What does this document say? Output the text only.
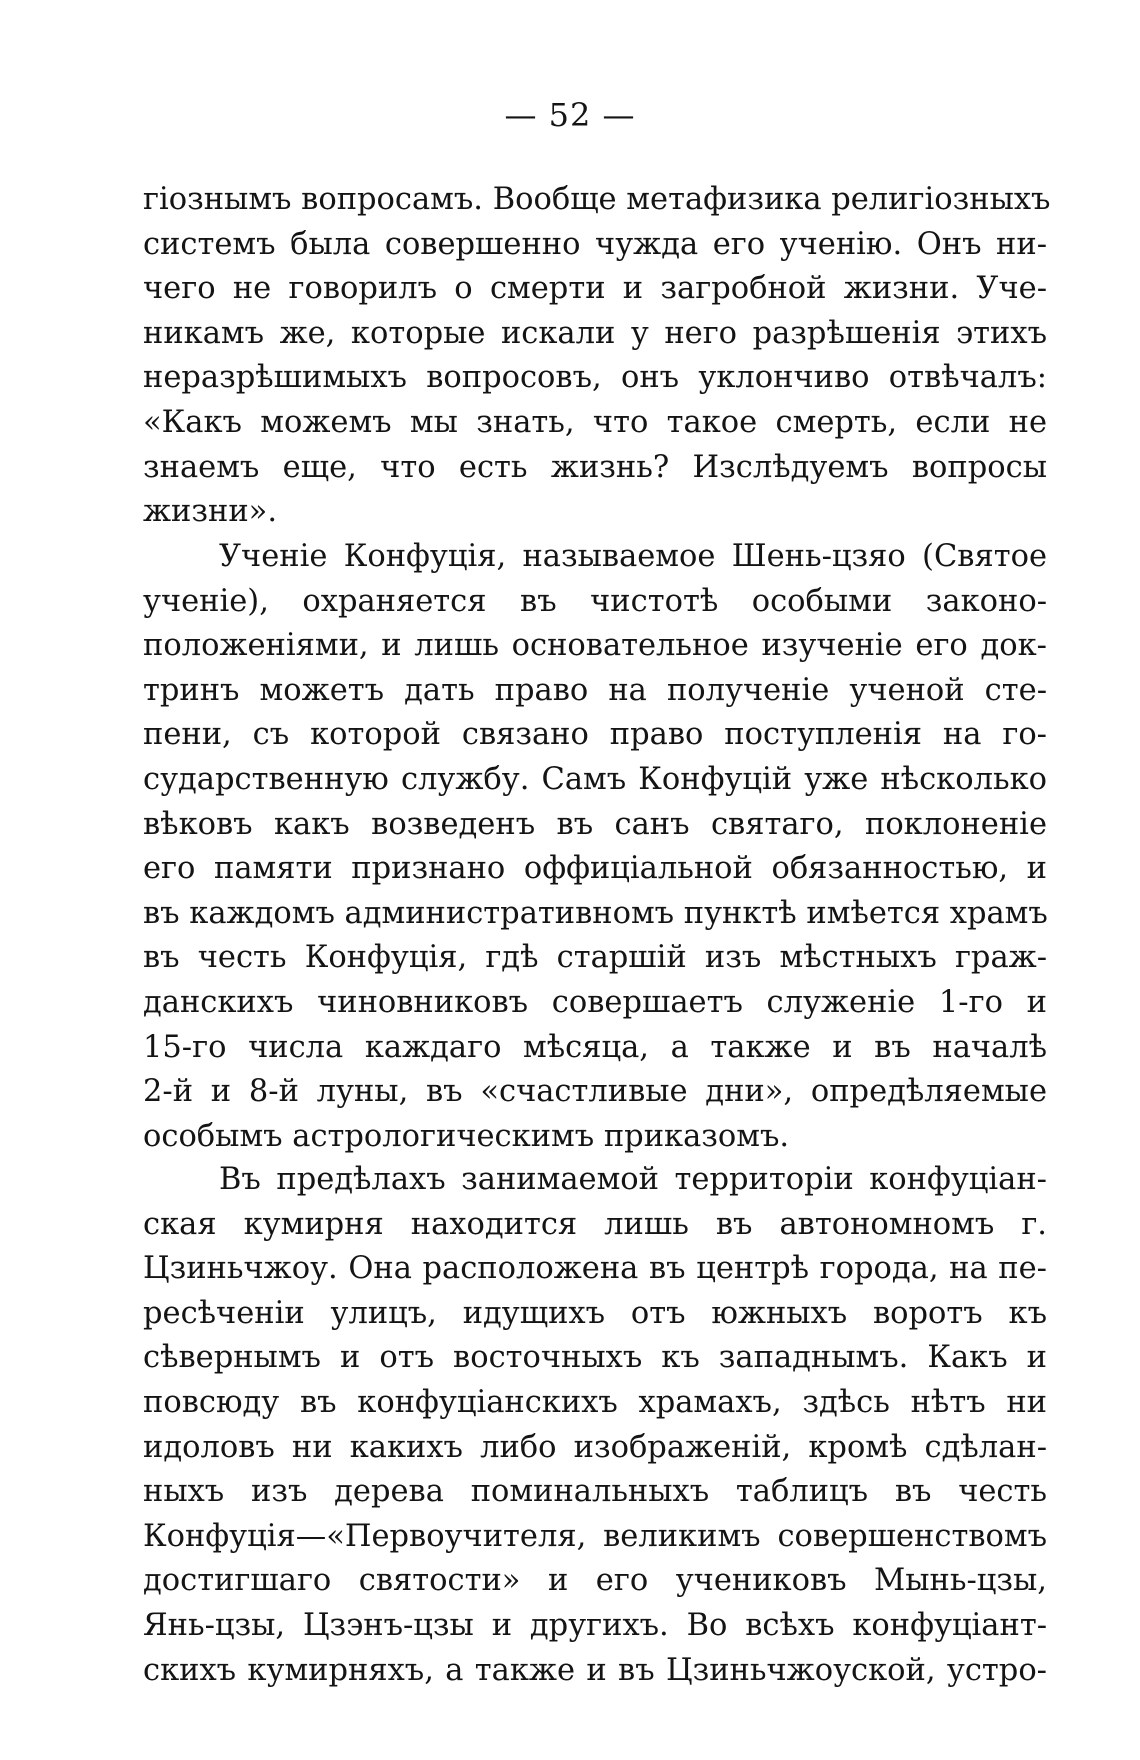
— 52 —
гіознымъ вопросамъ. Вообще метафизика религіозныхъ
системъ была совершенно чужда его ученію. Онъ ни-
чего не говорилъ о смерти и загробной жизни. Уче-
никамъ же, которые искали у него разрѣшенія этихъ
неразрѣшимыхъ вопросовъ, онъ уклончиво отвѣчалъ:
«Какъ можемъ мы знать, что такое смерть, если не
знаемъ еще, что есть жизнь? Изслѣдуемъ вопросы
жизни».
Ученіе Конфуція, называемое Шень-цзяо (Святое
ученіе), охраняется въ чистотѣ особыми законо-
положеніями, и лишь основательное изученіе его док-
тринъ можетъ дать право на полученіе ученой сте-
пени, съ которой связано право поступленія на го-
сударственную службу. Самъ Конфуцій уже нѣсколько
вѣковъ какъ возведенъ въ санъ святаго, поклоненіе
его памяти признано оффиціальной обязанностью, и
въ каждомъ административномъ пунктѣ имѣется храмъ
въ честь Конфуція, гдѣ старшій изъ мѣстныхъ граж-
данскихъ чиновниковъ совершаетъ служеніе 1-го и
15-го числа каждаго мѣсяца, а также и въ началѣ
2-й и 8-й луны, въ «счастливые дни», опредѣляемые
особымъ астрологическимъ приказомъ.
Въ предѣлахъ занимаемой территоріи конфуціан-
ская кумирня находится лишь въ автономномъ г.
Цзиньчжоу. Она расположена въ центрѣ города, на пе-
ресѣченіи улицъ, идущихъ отъ южныхъ воротъ къ
сѣвернымъ и отъ восточныхъ къ западнымъ. Какъ и
повсюду въ конфуціанскихъ храмахъ, здѣсь нѣтъ ни
идоловъ ни какихъ либо изображеній, кромѣ сдѣлан-
ныхъ изъ дерева поминальныхъ таблицъ въ честь
Конфуція—«Первоучителя, великимъ совершенствомъ
достигшаго святости» и его учениковъ Мынь-цзы,
Янь-цзы, Цзэнъ-цзы и другихъ. Во всѣхъ конфуціант-
скихъ кумирняхъ, а также и въ Цзиньчжоуской, устро-
